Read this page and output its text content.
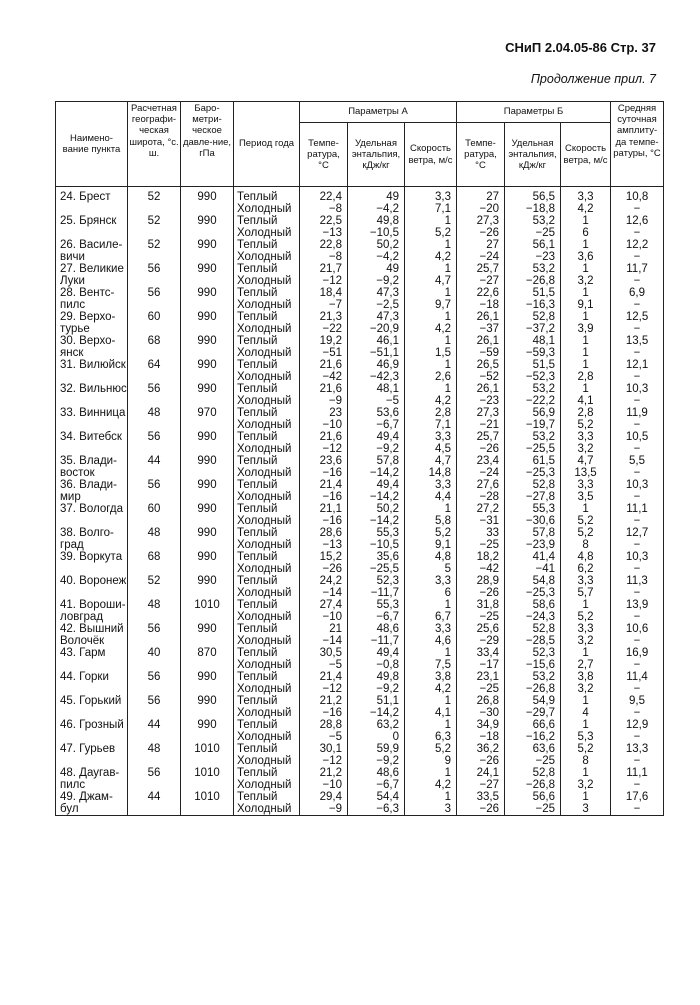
СНиП 2.04.05-86 Стр. 37
Продолжение прил. 7
Наимено-вание пункта	Расчетная географи-ческая широта, °с. ш.	Баро-метри-ческое давле-ние, гПа	Период года	Параметры А			Параметры Б			Средняя суточная амплиту-да темпе-ратуры, °С
				Темпе-ратура, °С	Удельная энтальпия, кДж/кг	Скорость ветра, м/с	Темпе-ратура, °С	Удельная энтальпия, кДж/кг	Скорость ветра, м/с	

24. Брест	52	990	Теплый	22,4	49	3,3	27	56,5	3,3	10,8
			Холодный	−8	−4,2	7,1	−20	−18,8	4,2	−
25. Брянск	52	990	Теплый	22,5	49,8	1	27,3	53,2	1	12,6
			Холодный	−13	−10,5	5,2	−26	−25	6	−
26. Василе-	52	990	Теплый	22,8	50,2	1	27	56,1	1	12,2
вичи			Холодный	−8	−4,2	4,2	−24	−23	3,6	−
27. Великие	56	990	Теплый	21,7	49	1	25,7	53,2	1	11,7
Луки			Холодный	−12	−9,2	4,7	−27	−26,8	3,2	−
28. Вентс-	56	990	Теплый	18,4	47,3	1	22,6	51,5	1	6,9
пилс			Холодный	−7	−2,5	9,7	−18	−16,3	9,1	−
29. Верхо-	60	990	Теплый	21,3	47,3	1	26,1	52,8	1	12,5
турье			Холодный	−22	−20,9	4,2	−37	−37,2	3,9	−
30. Верхо-	68	990	Теплый	19,2	46,1	1	26,1	48,1	1	13,5
янск			Холодный	−51	−51,1	1,5	−59	−59,3	1	−
31. Вилюйск	64	990	Теплый	21,6	46,9	1	26,5	51,5	1	12,1
			Холодный	−42	−42,3	2,6	−52	−52,3	2,8	−
32. Вильнюс	56	990	Теплый	21,6	48,1	1	26,1	53,2	1	10,3
			Холодный	−9	−5	4,2	−23	−22,2	4,1	−
33. Винница	48	970	Теплый	23	53,6	2,8	27,3	56,9	2,8	11,9
			Холодный	−10	−6,7	7,1	−21	−19,7	5,2	−
34. Витебск	56	990	Теплый	21,6	49,4	3,3	25,7	53,2	3,3	10,5
			Холодный	−12	−9,2	4,5	−26	−25,5	3,2	−
35. Влади-	44	990	Теплый	23,6	57,8	4,7	23,4	61,5	4,7	5,5
восток			Холодный	−16	−14,2	14,8	−24	−25,3	13,5	−
36. Влади-	56	990	Теплый	21,4	49,4	3,3	27,6	52,8	3,3	10,3
мир			Холодный	−16	−14,2	4,4	−28	−27,8	3,5	−
37. Вологда	60	990	Теплый	21,1	50,2	1	27,2	55,3	1	11,1
			Холодный	−16	−14,2	5,8	−31	−30,6	5,2	−
38. Волго-	48	990	Теплый	28,6	55,3	5,2	33	57,8	5,2	12,7
град			Холодный	−13	−10,5	9,1	−25	−23,9	8	−
39. Воркута	68	990	Теплый	15,2	35,6	4,8	18,2	41,4	4,8	10,3
			Холодный	−26	−25,5	5	−42	−41	6,2	−
40. Воронеж	52	990	Теплый	24,2	52,3	3,3	28,9	54,8	3,3	11,3
			Холодный	−14	−11,7	6	−26	−25,3	5,7	−
41. Вороши-	48	1010	Теплый	27,4	55,3	1	31,8	58,6	1	13,9
ловград			Холодный	−10	−6,7	6,7	−25	−24,3	5,2	−
42. Вышний	56	990	Теплый	21	48,6	3,3	25,6	52,8	3,3	10,6
Волочёк			Холодный	−14	−11,7	4,6	−29	−28,5	3,2	−
43. Гарм	40	870	Теплый	30,5	49,4	1	33,4	52,3	1	16,9
			Холодный	−5	−0,8	7,5	−17	−15,6	2,7	−
44. Горки	56	990	Теплый	21,4	49,8	3,8	23,1	53,2	3,8	11,4
			Холодный	−12	−9,2	4,2	−25	−26,8	3,2	−
45. Горький	56	990	Теплый	21,2	51,1	1	26,8	54,9	1	9,5
			Холодный	−16	−14,2	4,1	−30	−29,7	4	−
46. Грозный	44	990	Теплый	28,8	63,2	1	34,9	66,6	1	12,9
			Холодный	−5	0	6,3	−18	−16,2	5,3	−
47. Гурьев	48	1010	Теплый	30,1	59,9	5,2	36,2	63,6	5,2	13,3
			Холодный	−12	−9,2	9	−26	−25	8	−
48. Даугав-	56	1010	Теплый	21,2	48,6	1	24,1	52,8	1	11,1
пилс			Холодный	−10	−6,7	4,2	−27	−26,8	3,2	−
49. Джам-	44	1010	Теплый	29,4	54,4	1	33,5	56,6	1	17,6
бул			Холодный	−9	−6,3	3	−26	−25	3	−
